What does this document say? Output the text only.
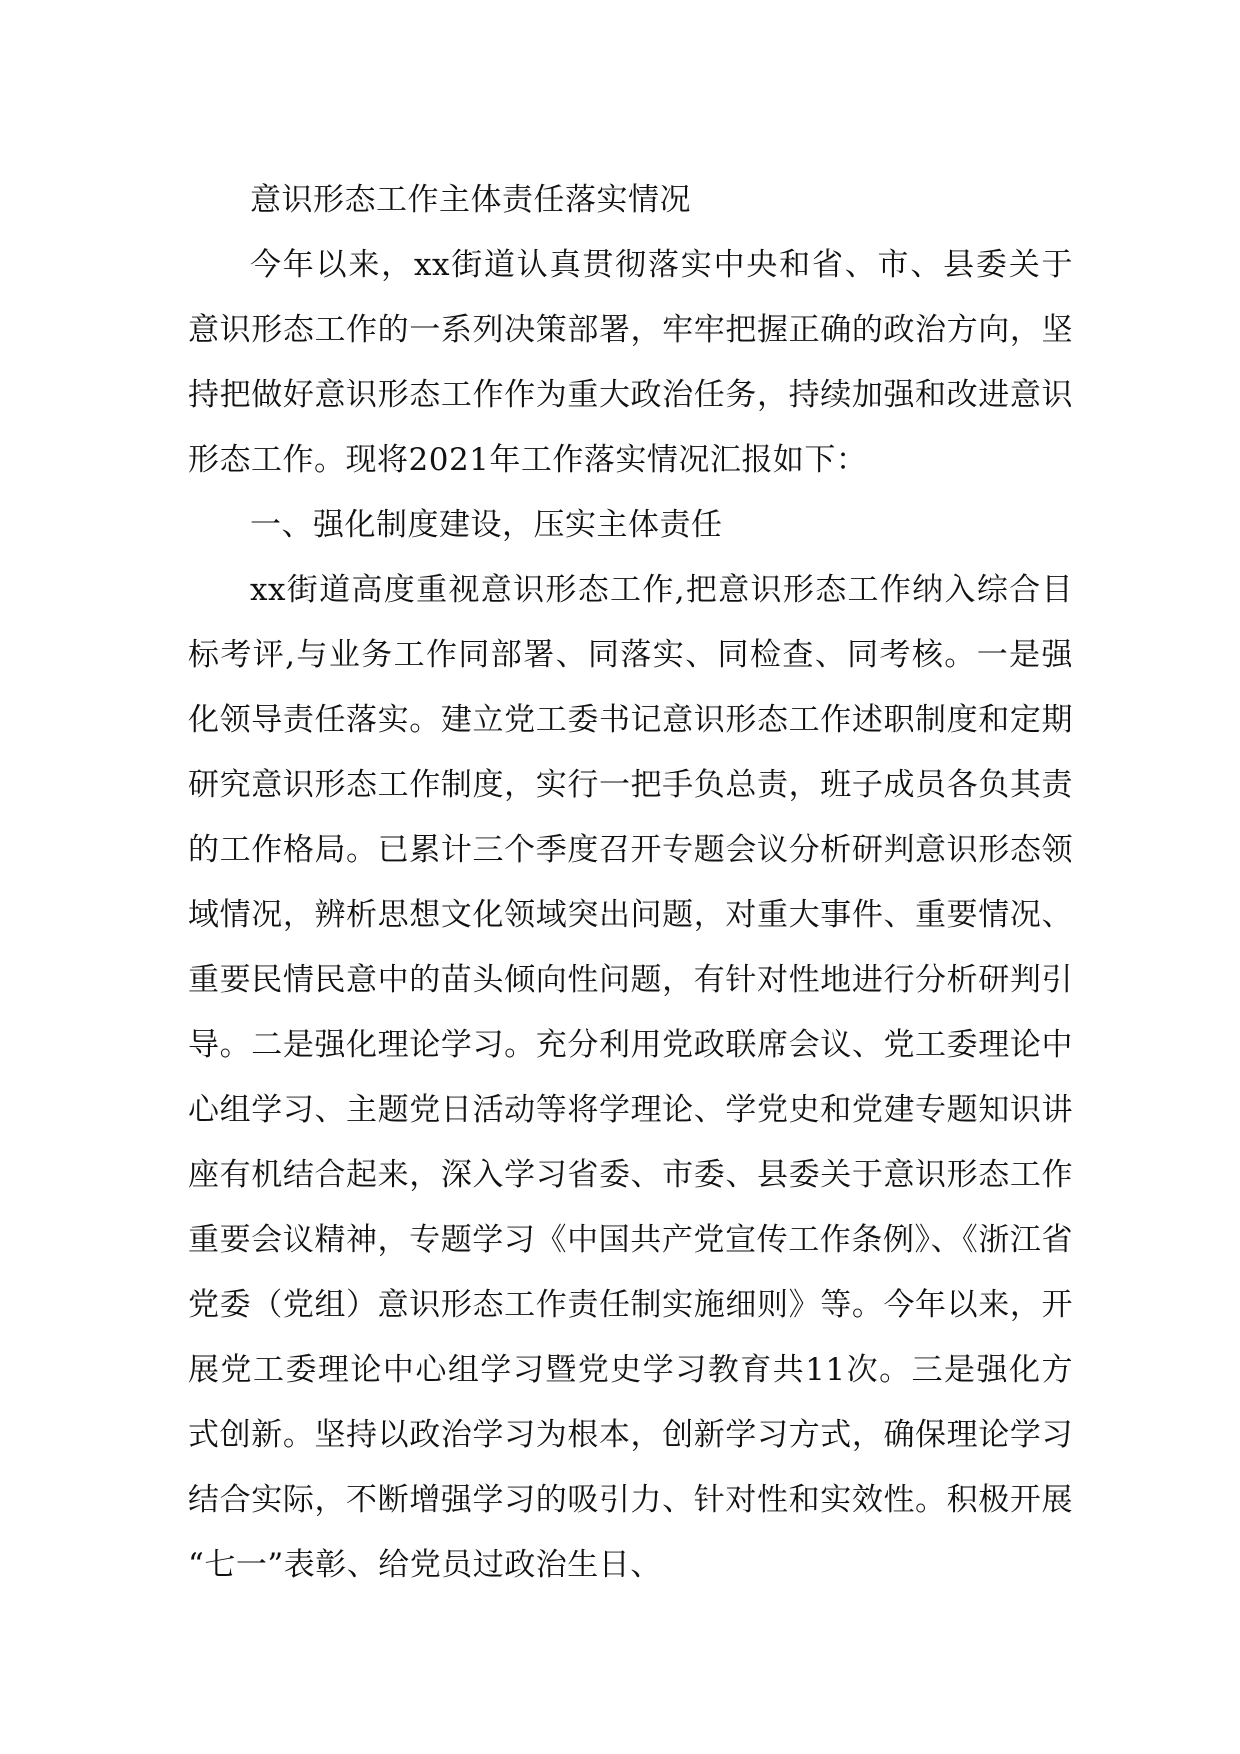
意识形态工作主体责任落实情况

今年以来，xx街道认真贯彻落实中央和省、市、县委关于意识形态工作的一系列决策部署，牢牢把握正确的政治方向，坚持把做好意识形态工作作为重大政治任务，持续加强和改进意识形态工作。现将2021年工作落实情况汇报如下：

一、强化制度建设，压实主体责任

xx街道高度重视意识形态工作,把意识形态工作纳入综合目标考评,与业务工作同部署、同落实、同检查、同考核。一是强化领导责任落实。建立党工委书记意识形态工作述职制度和定期研究意识形态工作制度，实行一把手负总责，班子成员各负其责的工作格局。已累计三个季度召开专题会议分析研判意识形态领域情况，辨析思想文化领域突出问题，对重大事件、重要情况、重要民情民意中的苗头倾向性问题，有针对性地进行分析研判引导。二是强化理论学习。充分利用党政联席会议、党工委理论中心组学习、主题党日活动等将学理论、学党史和党建专题知识讲座有机结合起来，深入学习省委、市委、县委关于意识形态工作重要会议精神，专题学习《中国共产党宣传工作条例》、《浙江省党委（党组）意识形态工作责任制实施细则》等。今年以来，开展党工委理论中心组学习暨党史学习教育共11次。三是强化方式创新。坚持以政治学习为根本，创新学习方式，确保理论学习结合实际，不断增强学习的吸引力、针对性和实效性。积极开展“七一”表彰、给党员过政治生日、
